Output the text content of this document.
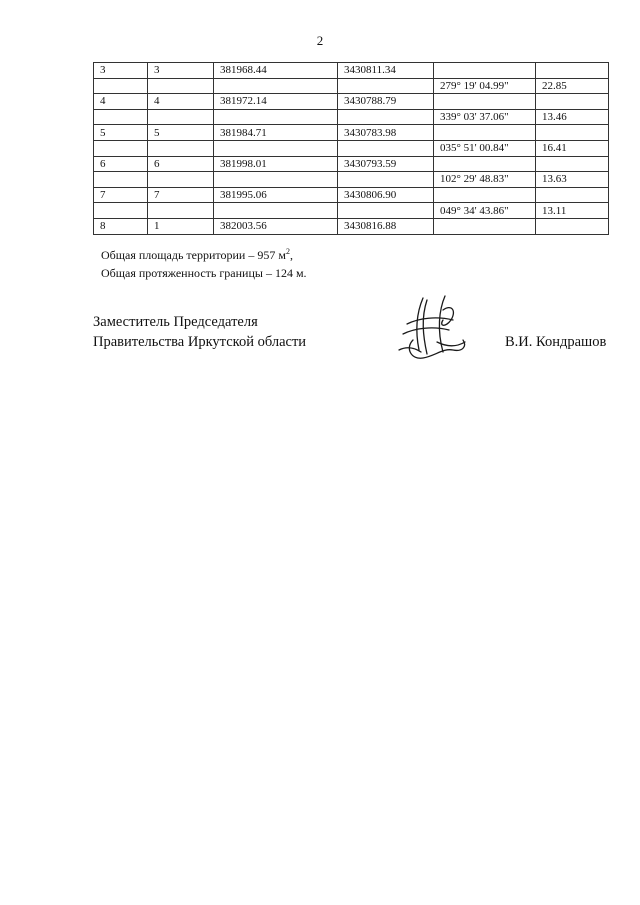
2
3	3	381968.44	3430811.34		
				279° 19' 04.99"	22.85
4	4	381972.14	3430788.79		
				339° 03' 37.06"	13.46
5	5	381984.71	3430783.98		
				035° 51' 00.84"	16.41
6	6	381998.01	3430793.59		
				102° 29' 48.83"	13.63
7	7	381995.06	3430806.90		
				049° 34' 43.86"	13.11
8	1	382003.56	3430816.88		
Общая площадь территории – 957 $м^2$,
Общая протяженность границы – 124 м.
Заместитель Председателя
Правительства Иркутской области	В.И. Кондрашов
